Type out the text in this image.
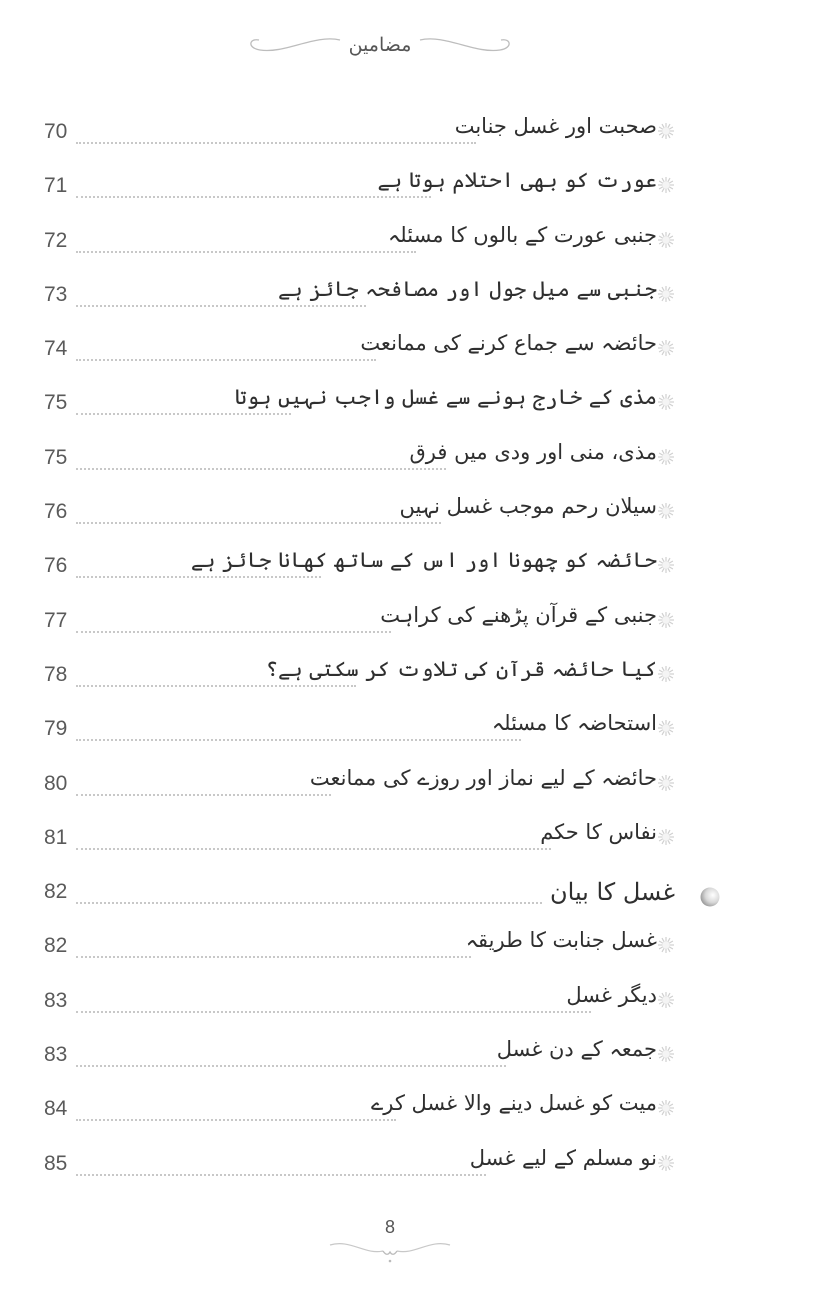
مضامین
70	صحبت اور غسل جنابت
71	عورت کو بھی احتلام ہوتا ہے
72	جنبی عورت کے بالوں کا مسئلہ
73	جنبی سے میل جول اور مصافحہ جائز ہے
74	حائضہ سے جماع کرنے کی ممانعت
75	مذی کے خارج ہونے سے غسل واجب نہیں ہوتا
75	مذی، منی اور ودی میں فرق
76	سیلان رحم موجب غسل نہیں
76	حائضہ کو چھونا اور اس کے ساتھ کھانا جائز ہے
77	جنبی کے قرآن پڑھنے کی کراہت
78	کیا حائضہ قرآن کی تلاوت کر سکتی ہے؟
79	استحاضہ کا مسئلہ
80	حائضہ کے لیے نماز اور روزے کی ممانعت
81	نفاس کا حکم
82	غسل کا بیان
82	غسل جنابت کا طریقہ
83	دیگر غسل
83	جمعہ کے دن غسل
84	میت کو غسل دینے والا غسل کرے
85	نو مسلم کے لیے غسل
8
